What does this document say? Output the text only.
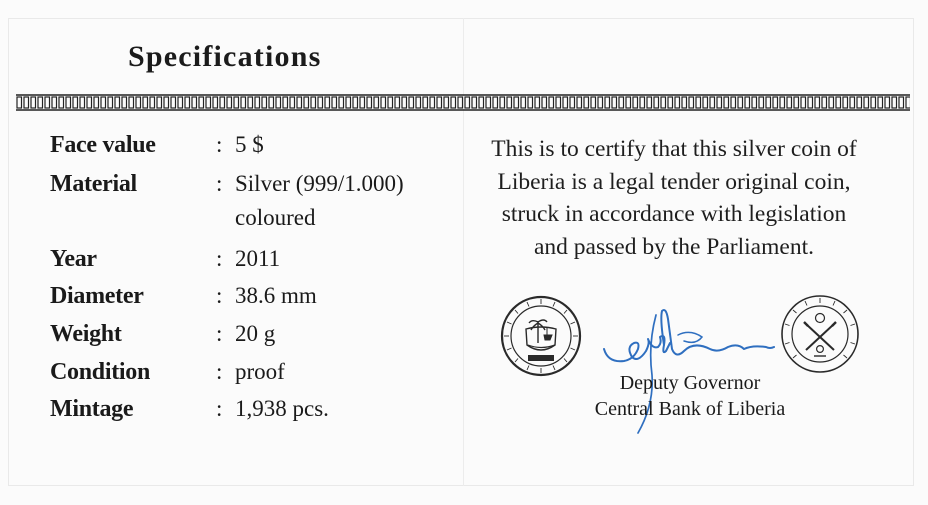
Specifications
Face value	: 5 $
Material	: Silver (999/1.000)
coloured
Year	: 2011
Diameter	: 38.6 mm
Weight	: 20 g
Condition	: proof
Mintage	: 1,938 pcs.
This is to certify that this silver coin of
Liberia is a legal tender original coin,
struck in accordance with legislation
and passed by the Parliament.
Deputy Governor
Central Bank of Liberia
